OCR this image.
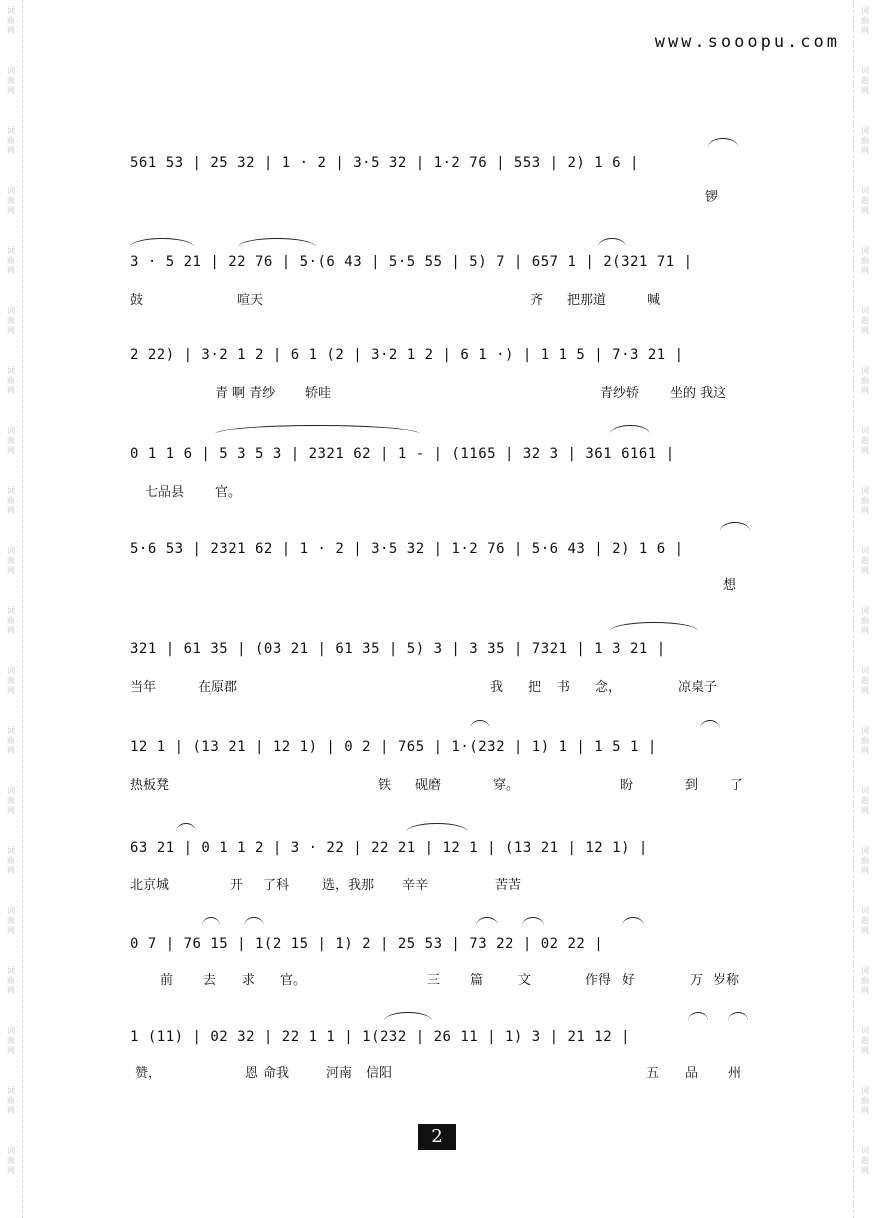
词
曲
网
词
曲
网
词
曲
网
词
曲
网
词
曲
网
词
曲
网
词
曲
网
词
曲
网
词
曲
网
词
曲
网
词
曲
网
词
曲
网
词
曲
网
词
曲
网
词
曲
网
词
曲
网
词
曲
网
词
曲
网
词
曲
网
词
曲
网
词
曲
网
词
曲
网
词
曲
网
词
曲
网
词
曲
网
词
曲
网
词
曲
网
词
曲
网
词
曲
网
词
曲
网
词
曲
网
词
曲
网
词
曲
网
词
曲
网
词
曲
网
词
曲
网
词
曲
网
词
曲
网
词
曲
网
词
曲
网
www.sooopu.com
561 53 | 25 32 | 1 · 2 | 3·5 32 | 1·2 76 | 553 | 2) 1 6 |
锣
3 · 5 21 | 22 76 | 5·(6 43 | 5·5 55 | 5) 7 | 657 1 | 2(321 71 |
鼓	喧天	齐 把那道	喊
2 22) | 3·2 1 2 | 6 1 (2 | 3·2 1 2 | 6 1 ·) | 1 1 5 | 7·3 21 |
青 啊 青纱 轿哇	青纱轿 坐的 我这
0 1 1 6 | 5 3 5 3 | 2321 62 | 1 - | (1165 | 32 3 | 361 6161 |
七品县 官。
5·6 53 | 2321 62 | 1 · 2 | 3·5 32 | 1·2 76 | 5·6 43 | 2) 1 6 |
想
321 | 61 35 | (03 21 | 61 35 | 5) 3 | 3 35 | 7321 | 1 3 21 |
当年	在原郡	我 把 书 念，	凉桌子
12 1 | (13 21 | 12 1) | 0 2 | 765 | 1·(232 | 1) 1 | 1 5 1 |
热板凳	铁 砚磨	穿。	盼	到 了
63 21 | 0 1 1 2 | 3 · 22 | 22 21 | 12 1 | (13 21 | 12 1) |
北京城	开 了科	选，我那 辛辛	苦苦
0 7 | 76 15 | 1(2 15 | 1) 2 | 25 53 | 73 22 | 02 22 |
前 去 求 官。	三 篇	文	作得 好	万 岁称
1 (11) | 02 32 | 22 1 1 | 1(232 | 26 11 | 1) 3 | 21 12 |
赞，	恩 命我	河南 信阳	五 品 州
2
